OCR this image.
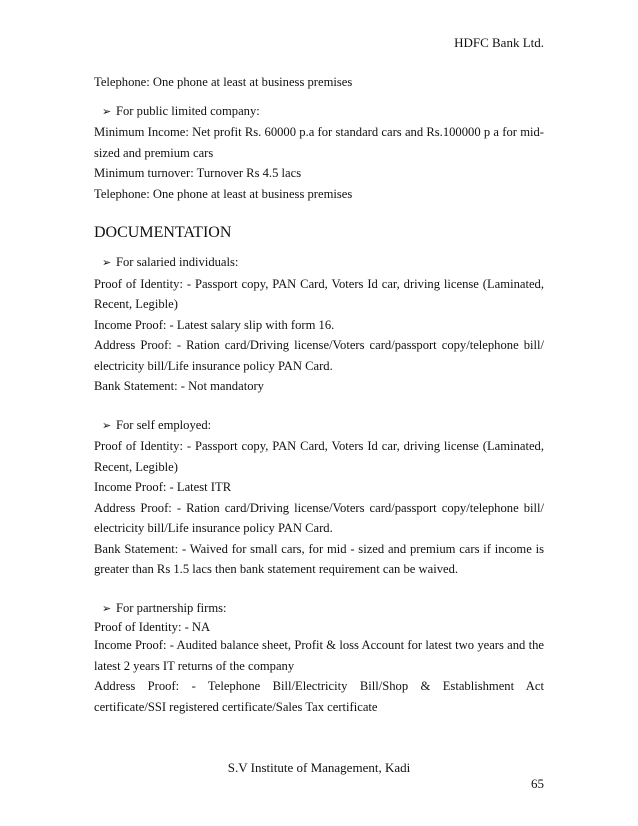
HDFC Bank Ltd.

Telephone: One phone at least at business premises

➢ For public limited company:

Minimum Income: Net profit Rs. 60000 p.a for standard cars and Rs.100000 p a for mid-sized and premium cars

Minimum turnover: Turnover Rs 4.5 lacs

Telephone: One phone at least at business premises

DOCUMENTATION

➢ For salaried individuals:

Proof of Identity: - Passport copy, PAN Card, Voters Id car, driving license (Laminated, Recent, Legible)

Income Proof: - Latest salary slip with form 16.

Address Proof: - Ration card/Driving license/Voters card/passport copy/telephone bill/ electricity bill/Life insurance policy PAN Card.

Bank Statement: - Not mandatory

➢ For self employed:

Proof of Identity: - Passport copy, PAN Card, Voters Id car, driving license (Laminated, Recent, Legible)

Income Proof: - Latest ITR

Address Proof: - Ration card/Driving license/Voters card/passport copy/telephone bill/ electricity bill/Life insurance policy PAN Card.

Bank Statement: - Waived for small cars, for mid - sized and premium cars if income is greater than Rs 1.5 lacs then bank statement requirement can be waived.

➢ For partnership firms:

Proof of Identity: - NA

Income Proof: - Audited balance sheet, Profit & loss Account for latest two years and the latest 2 years IT returns of the company

Address Proof: - Telephone Bill/Electricity Bill/Shop & Establishment Act certificate/SSI registered certificate/Sales Tax certificate

S.V Institute of Management, Kadi
65
